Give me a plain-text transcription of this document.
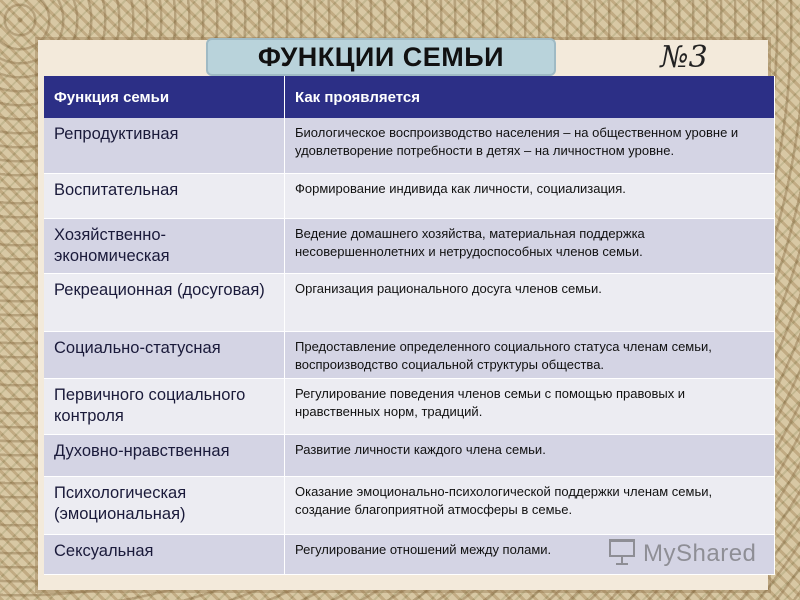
ФУНКЦИИ СЕМЬИ	№3
Функция семьи	Как проявляется
Репродуктивная	Биологическое воспроизводство населения – на общественном уровне и удовлетворение потребности в детях – на личностном уровне.
Воспитательная	Формирование индивида как личности, социализация.
Хозяйственно-экономическая	Ведение домашнего хозяйства, материальная поддержка несовершеннолетних и нетрудоспособных членов семьи.
Рекреационная (досуговая)	Организация рационального досуга членов семьи.
Социально-статусная	Предоставление определенного социального статуса членам семьи, воспроизводство социальной структуры общества.
Первичного социального контроля	Регулирование поведения членов семьи с помощью правовых и нравственных норм, традиций.
Духовно-нравственная	Развитие личности каждого члена семьи.
Психологическая (эмоциональная)	Оказание эмоционально-психологической поддержки членам семьи, создание благоприятной атмосферы в семье.
Сексуальная	Регулирование отношений между полами.	MyShared
